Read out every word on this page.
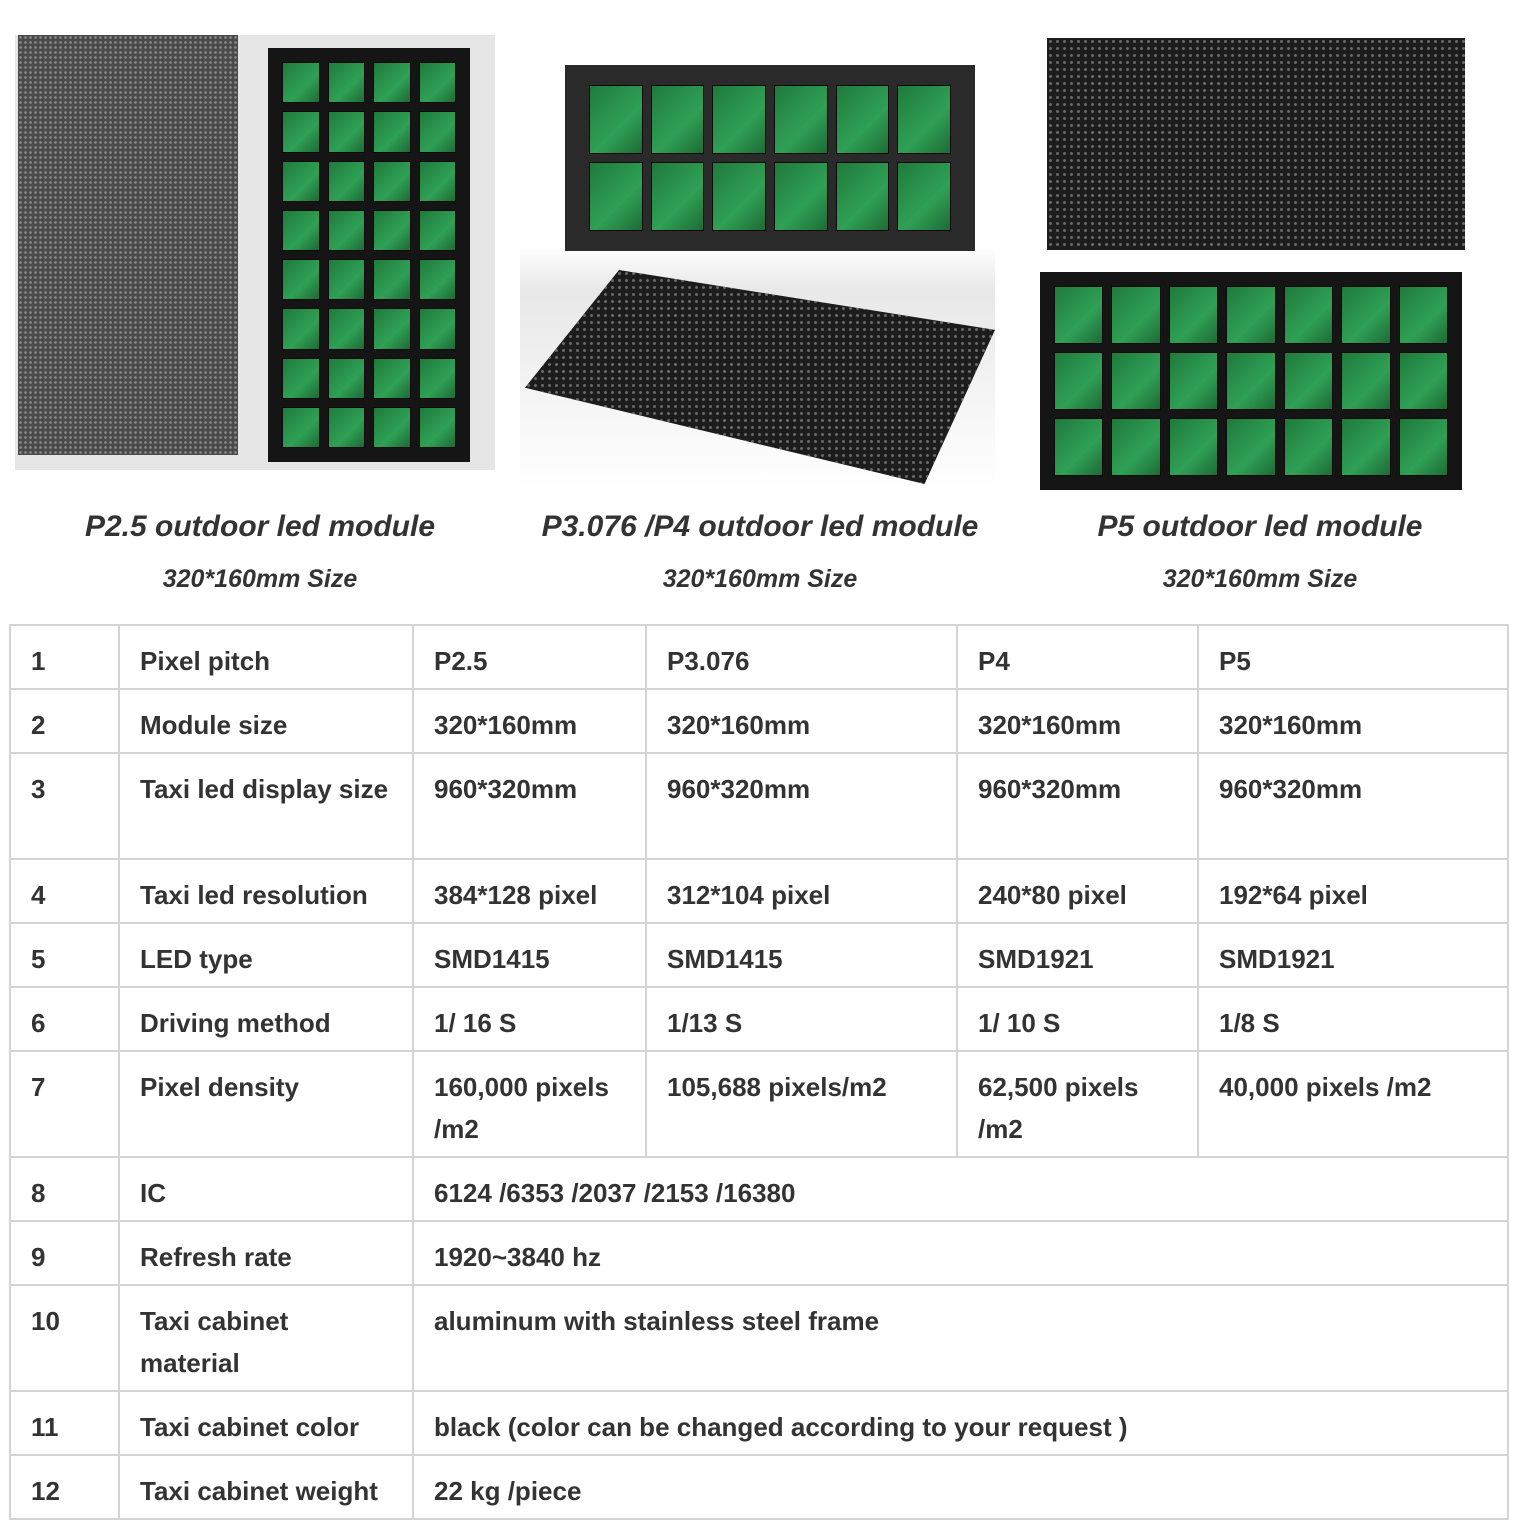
P2.5 outdoor led module
320*160mm Size
P3.076 /P4 outdoor led module
320*160mm Size
P5 outdoor led module
320*160mm Size
1	Pixel pitch	P2.5	P3.076	P4	P5
2	Module size	320*160mm	320*160mm	320*160mm	320*160mm
3	Taxi led display size	960*320mm	960*320mm	960*320mm	960*320mm
4	Taxi led resolution	384*128 pixel	312*104 pixel	240*80 pixel	192*64 pixel
5	LED type	SMD1415	SMD1415	SMD1921	SMD1921
6	Driving method	1/ 16 S	1/13 S	1/ 10 S	1/8 S
7	Pixel density	160,000 pixels /m2	105,688 pixels/m2	62,500 pixels /m2	40,000 pixels /m2
8	IC	6124 /6353 /2037 /2153 /16380			
9	Refresh rate	1920~3840 hz			
10	Taxi cabinet material	aluminum with stainless steel frame			
11	Taxi cabinet color	black (color can be changed according to your request )			
12	Taxi cabinet weight	22 kg /piece			
